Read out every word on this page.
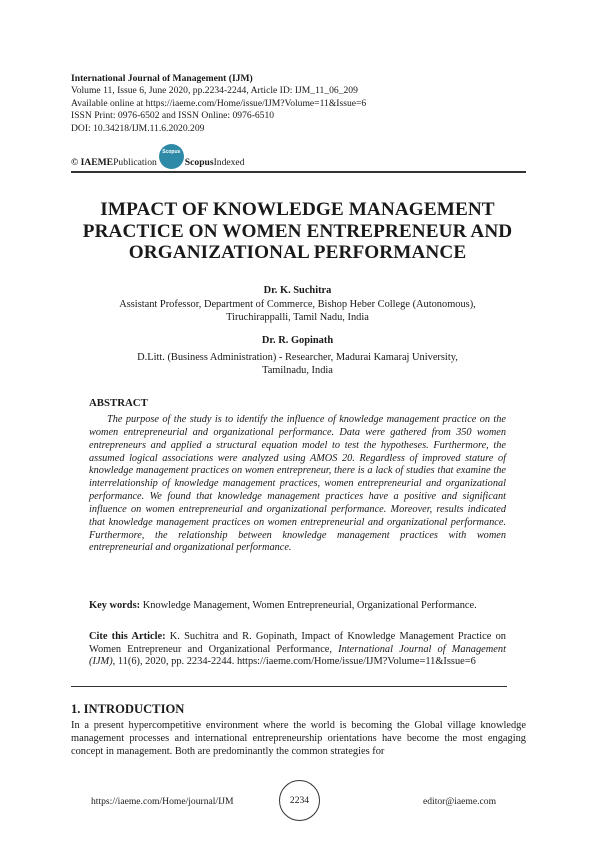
International Journal of Management (IJM)
Volume 11, Issue 6, June 2020, pp.2234-2244, Article ID: IJM_11_06_209
Available online at https://iaeme.com/Home/issue/IJM?Volume=11&Issue=6
ISSN Print: 0976-6502 and ISSN Online: 0976-6510
DOI: 10.34218/IJM.11.6.2020.209
© IAEME Publication
Scopus
Scopus Indexed
IMPACT OF KNOWLEDGE MANAGEMENT
PRACTICE ON WOMEN ENTREPRENEUR AND
ORGANIZATIONAL PERFORMANCE
Dr. K. Suchitra
Assistant Professor, Department of Commerce, Bishop Heber College (Autonomous),
Tiruchirappalli, Tamil Nadu, India
Dr. R. Gopinath
D.Litt. (Business Administration) - Researcher, Madurai Kamaraj University,
Tamilnadu, India
ABSTRACT
The purpose of the study is to identify the influence of knowledge management practice on the women entrepreneurial and organizational performance. Data were gathered from 350 women entrepreneurs and applied a structural equation model to test the hypotheses. Furthermore, the assumed logical associations were analyzed using AMOS 20. Regardless of improved stature of knowledge management practices on women entrepreneur, there is a lack of studies that examine the interrelationship of knowledge management practices, women entrepreneurial and organizational performance. We found that knowledge management practices have a positive and significant influence on women entrepreneurial and organizational performance. Moreover, results indicated that knowledge management practices on women entrepreneurial and organizational performance. Furthermore, the relationship between knowledge management practices with women entrepreneurial and organizational performance.
Key words: Knowledge Management, Women Entrepreneurial, Organizational Performance.
Cite this Article: K. Suchitra and R. Gopinath, Impact of Knowledge Management Practice on Women Entrepreneur and Organizational Performance, International Journal of Management (IJM), 11(6), 2020, pp. 2234-2244. https://iaeme.com/Home/issue/IJM?Volume=11&Issue=6
1. INTRODUCTION
In a present hypercompetitive environment where the world is becoming the Global village knowledge management processes and international entrepreneurship orientations have become the most engaging concept in management. Both are predominantly the common strategies for
https://iaeme.com/Home/journal/IJM	2234	editor@iaeme.com
